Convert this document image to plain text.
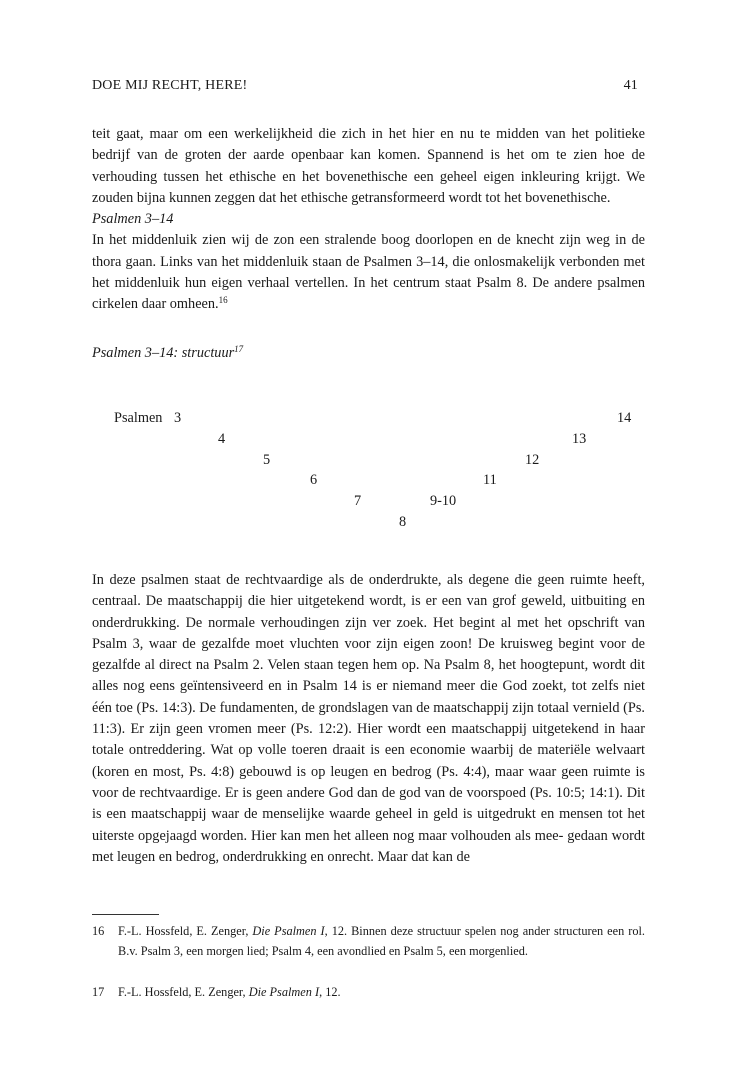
DOE MIJ RECHT, HERE!	41

teit gaat, maar om een werkelijkheid die zich in het hier en nu te midden van het politieke bedrijf van de groten der aarde openbaar kan komen. Spannend is het om te zien hoe de verhouding tussen het ethische en het bovenethische een geheel eigen inkleuring krijgt. We zouden bijna kunnen zeggen dat het ethische getransformeerd wordt tot het bovenethische.

Psalmen 3–14

In het middenluik zien wij de zon een stralende boog doorlopen en de knecht zijn weg in de thora gaan. Links van het middenluik staan de Psalmen 3–14, die onlosmakelijk verbonden met het middenluik hun eigen verhaal vertellen. In het centrum staat Psalm 8. De andere psalmen cirkelen daar omheen.$^{16}$

Psalmen 3–14: structuur$^{17}$
Psalmen 3
4
5
6
7
8
9-10
11
12
13
14

In deze psalmen staat de rechtvaardige als de onderdrukte, als degene die geen ruimte heeft, centraal. De maatschappij die hier uitgetekend wordt, is er een van grof geweld, uitbuiting en onderdrukking. De normale verhoudingen zijn ver zoek. Het begint al met het opschrift van Psalm 3, waar de gezalfde moet vluchten voor zijn eigen zoon! De kruisweg begint voor de gezalfde al direct na Psalm 2. Velen staan tegen hem op. Na Psalm 8, het hoogtepunt, wordt dit alles nog eens geïntensiveerd en in Psalm 14 is er niemand meer die God zoekt, tot zelfs niet één toe (Ps. 14:3). De fundamenten, de grondslagen van de maatschappij zijn totaal vernield (Ps. 11:3). Er zijn geen vromen meer (Ps. 12:2). Hier wordt een maatschappij uitgetekend in haar totale ontreddering. Wat op volle toeren draait is een economie waarbij de materiële welvaart (koren en most, Ps. 4:8) gebouwd is op leugen en bedrog (Ps. 4:4), maar waar geen ruimte is voor de rechtvaardige. Er is geen andere God dan de god van de voorspoed (Ps. 10:5; 14:1). Dit is een maatschappij waar de menselijke waarde geheel in geld is uitgedrukt en mensen tot het uiterste opgejaagd worden. Hier kan men het alleen nog maar volhouden als mee- gedaan wordt met leugen en bedrog, onderdrukking en onrecht. Maar dat kan de

16 F.-L. Hossfeld, E. Zenger, Die Psalmen I, 12. Binnen deze structuur spelen nog ander structuren een rol. B.v. Psalm 3, een morgen lied; Psalm 4, een avondlied en Psalm 5, een morgenlied.
17 F.-L. Hossfeld, E. Zenger, Die Psalmen I, 12.
